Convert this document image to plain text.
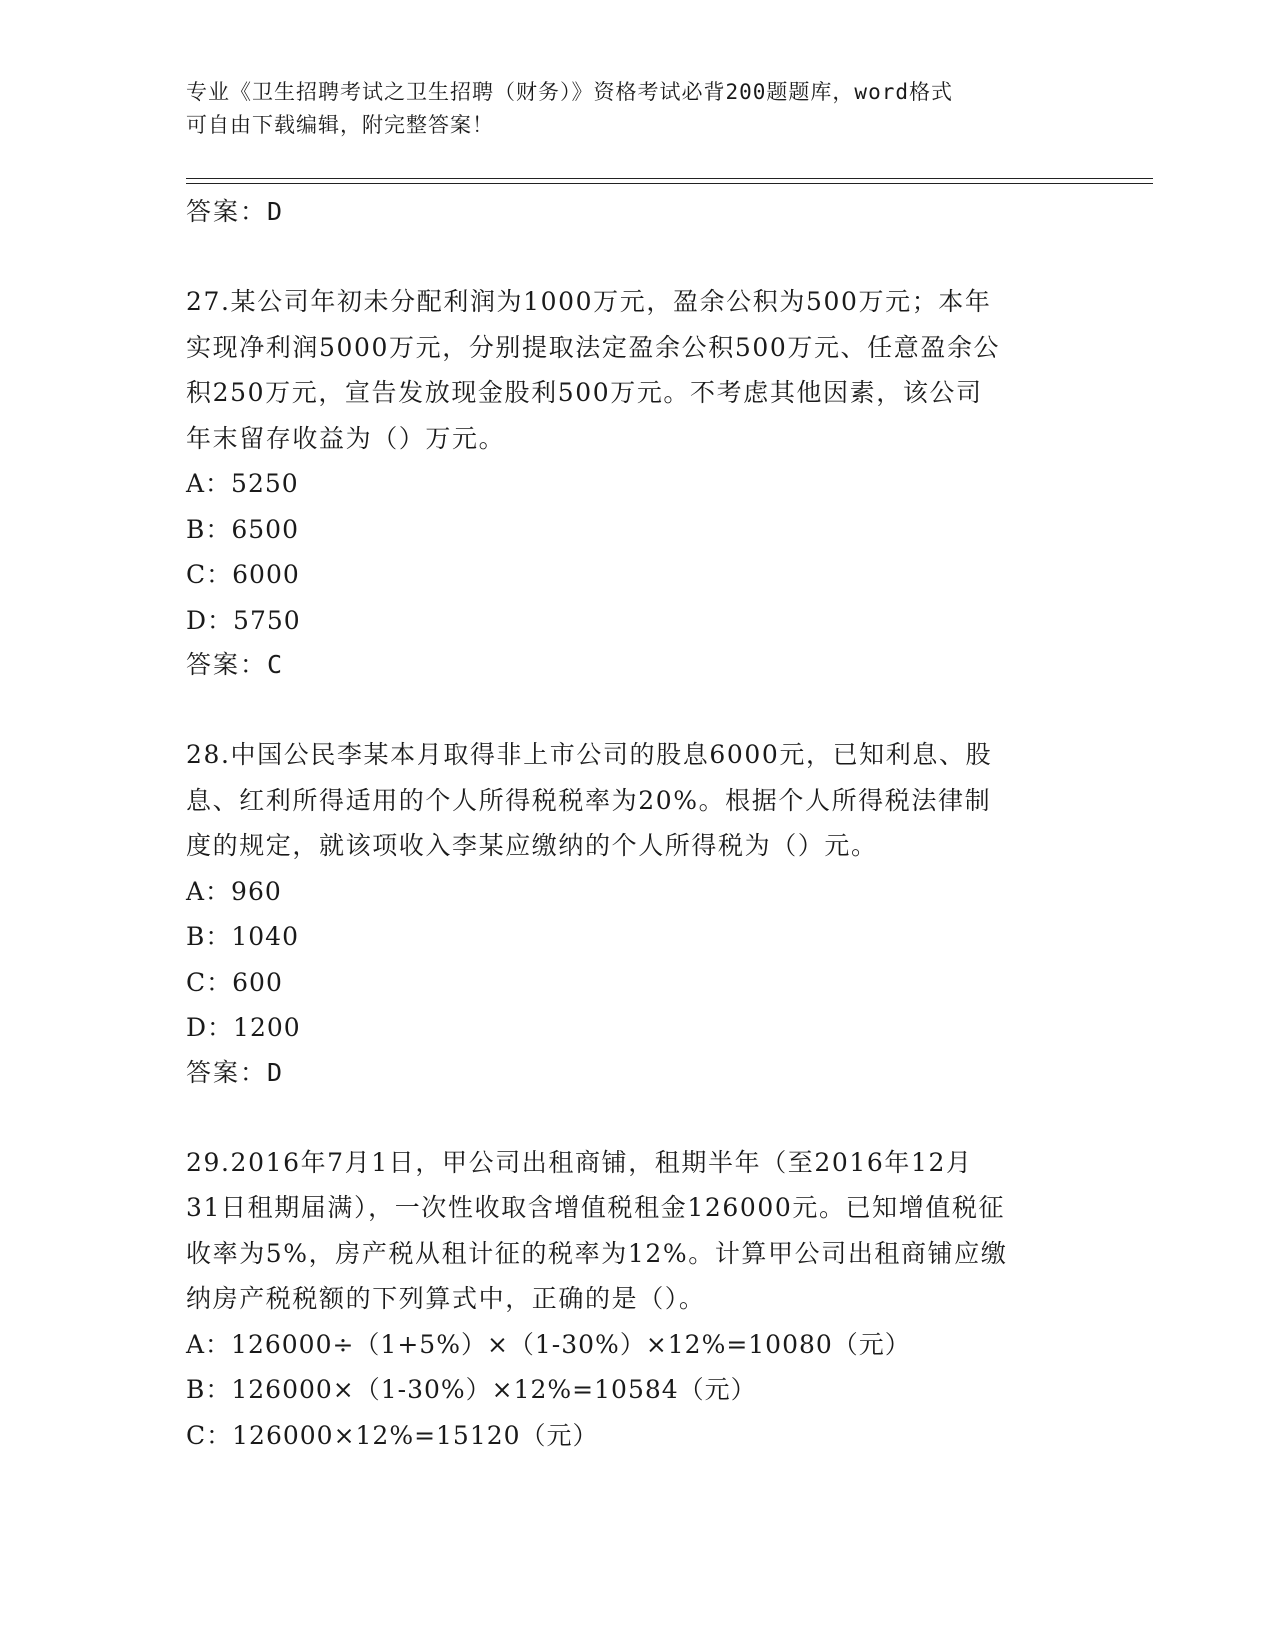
专业《卫生招聘考试之卫生招聘（财务）》资格考试必背200题题库，word格式
可自由下载编辑，附完整答案！
答案：D
27.某公司年初未分配利润为1000万元，盈余公积为500万元；本年
实现净利润5000万元，分别提取法定盈余公积500万元、任意盈余公
积250万元，宣告发放现金股利500万元。不考虑其他因素，该公司
年末留存收益为（）万元。
A：5250
B：6500
C：6000
D：5750
答案：C
28.中国公民李某本月取得非上市公司的股息6000元，已知利息、股
息、红利所得适用的个人所得税税率为20%。根据个人所得税法律制
度的规定，就该项收入李某应缴纳的个人所得税为（）元。
A：960
B：1040
C：600
D：1200
答案：D
29.2016年7月1日，甲公司出租商铺，租期半年（至2016年12月
31日租期届满），一次性收取含增值税租金126000元。已知增值税征
收率为5%，房产税从租计征的税率为12%。计算甲公司出租商铺应缴
纳房产税税额的下列算式中，正确的是（）。
A：126000÷（1+5%）×（1-30%）×12%=10080（元）
B：126000×（1-30%）×12%=10584（元）
C：126000×12%=15120（元）
